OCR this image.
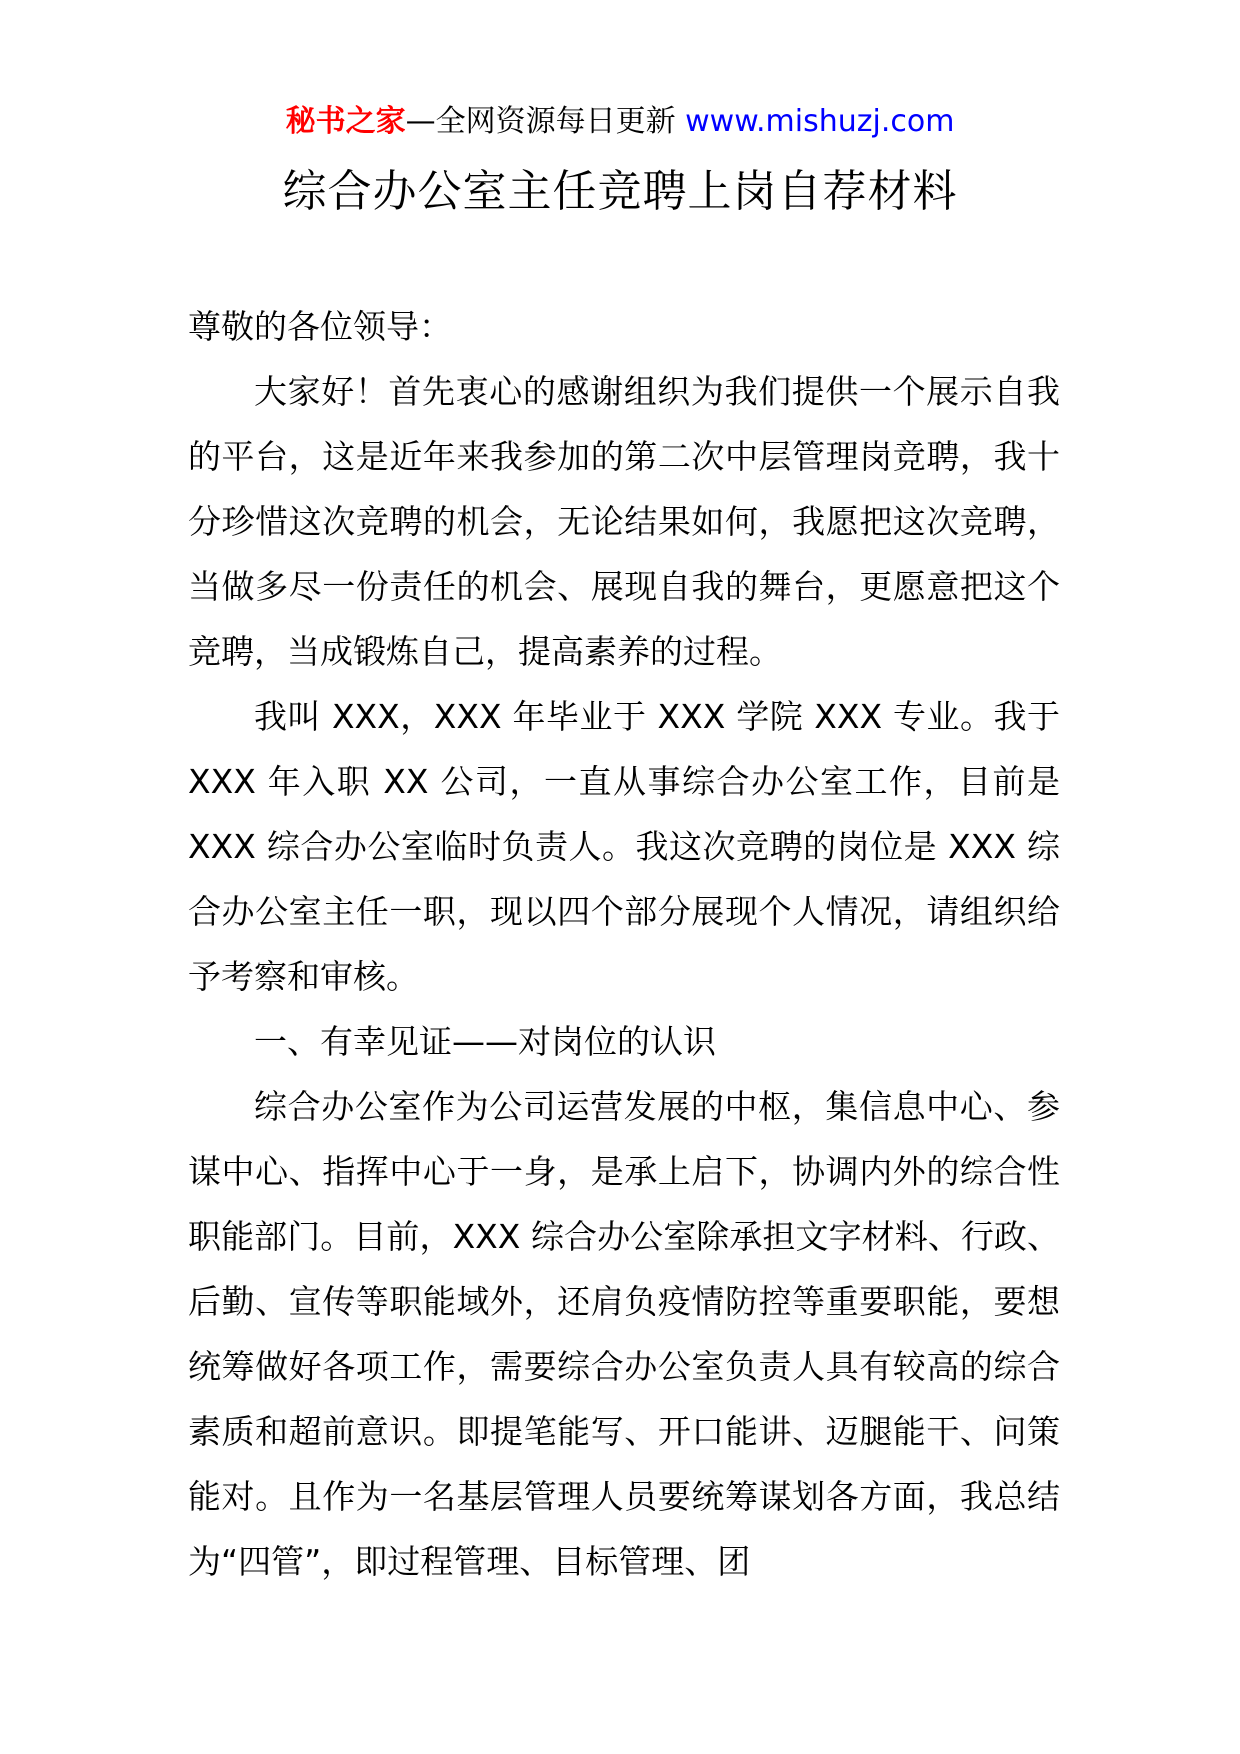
秘书之家—全网资源每日更新 www.mishuzj.com
综合办公室主任竞聘上岗自荐材料

尊敬的各位领导：

大家好！首先衷心的感谢组织为我们提供一个展示自我的平台，这是近年来我参加的第二次中层管理岗竞聘，我十分珍惜这次竞聘的机会，无论结果如何，我愿把这次竞聘，当做多尽一份责任的机会、展现自我的舞台，更愿意把这个竞聘，当成锻炼自己，提高素养的过程。

我叫 XXX，XXX 年毕业于 XXX 学院 XXX 专业。我于 XXX 年入职 XX 公司，一直从事综合办公室工作，目前是 XXX 综合办公室临时负责人。我这次竞聘的岗位是 XXX 综合办公室主任一职，现以四个部分展现个人情况，请组织给予考察和审核。

一、有幸见证——对岗位的认识

综合办公室作为公司运营发展的中枢，集信息中心、参谋中心、指挥中心于一身，是承上启下，协调内外的综合性职能部门。目前，XXX 综合办公室除承担文字材料、行政、后勤、宣传等职能域外，还肩负疫情防控等重要职能，要想统筹做好各项工作，需要综合办公室负责人具有较高的综合素质和超前意识。即提笔能写、开口能讲、迈腿能干、问策能对。且作为一名基层管理人员要统筹谋划各方面，我总结为“四管”，即过程管理、目标管理、团
